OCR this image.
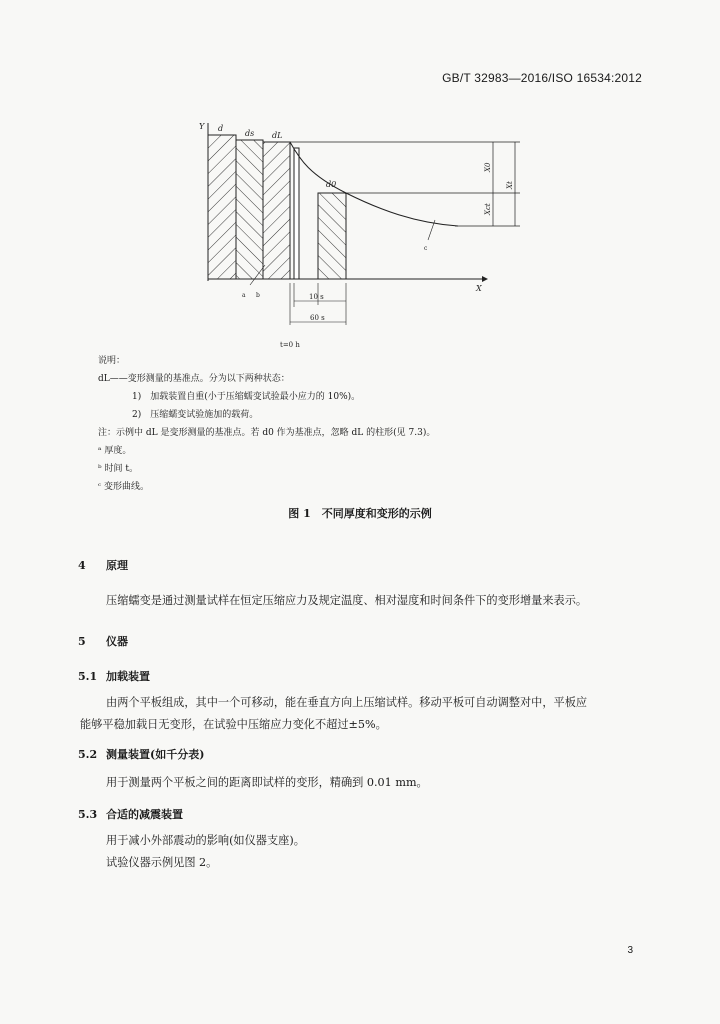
GB/T 32983—2016/ISO 16534:2012
Y
X
d
ds dL
d0
X0
Xct
Xt
c
a b	10 s
60 s
t=0 h
说明：
dL——变形测量的基准点。分为以下两种状态：
1)　加载装置自重(小于压缩蠕变试验最小应力的 10%)。
2)　压缩蠕变试验施加的载荷。
注：示例中 dL 是变形测量的基准点。若 d0 作为基准点，忽略 dL 的柱形(见 7.3)。
ᵃ 厚度。
ᵇ 时间 t。
ᶜ 变形曲线。
图 1　不同厚度和变形的示例
4 原理
压缩蠕变是通过测量试样在恒定压缩应力及规定温度、相对湿度和时间条件下的变形增量来表示。
5 仪器
5.1 加载装置
由两个平板组成，其中一个可移动，能在垂直方向上压缩试样。移动平板可自动调整对中，平板应
能够平稳加载日无变形，在试验中压缩应力变化不超过±5%。
5.2 测量装置(如千分表)
用于测量两个平板之间的距离即试样的变形，精确到 0.01 mm。
5.3 合适的减震装置
用于减小外部震动的影响(如仪器支座)。
试验仪器示例见图 2。
3
